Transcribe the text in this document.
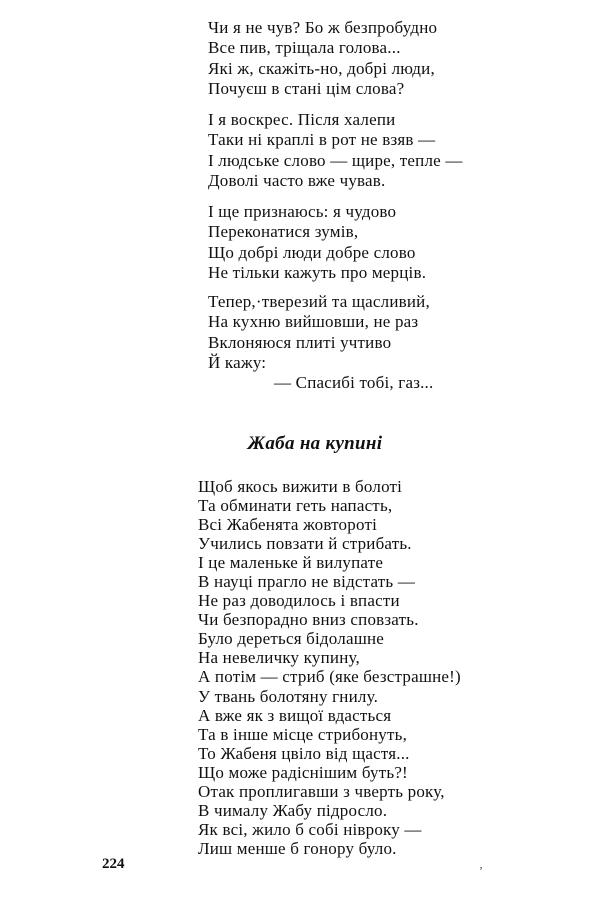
Чи я не чув? Бо ж безпробудно
Все пив, тріщала голова...
Які ж, скажіть-но, добрі люди,
Почуєш в стані цім слова?
І я воскрес. Після халепи
Таки ні краплі в рот не взяв —
І людське слово — щире, тепле —
Доволі часто вже чував.
І ще признаюсь: я чудово
Переконатися зумів,
Що добрі люди добре слово
Не тільки кажуть про мерців.
Тепер,·тверезий та щасливий,
На кухню вийшовши, не раз
Вклоняюся плиті учтиво
Й кажу:
— Спасибі тобі, газ...
Жаба на купині
Щоб якось вижити в болоті
Та обминати геть напасть,
Всі Жабенята жовтороті
Учились повзати й стрибать.
І це маленьке й вилупате
В науці прагло не відстать —
Не раз доводилось і впасти
Чи безпорадно вниз сповзать.
Було дереться бідолашне
На невеличку купину,
А потім — стриб (яке безстрашне!)
У твань болотяну гнилу.
А вже як з вищої вдасться
Та в інше місце стрибонуть,
То Жабеня цвіло від щастя...
Що може радіснішим буть?!
Отак проплигавши з чверть року,
В чималу Жабу підросло.
Як всі, жило б собі нівроку —
Лиш менше б гонору було.

224	‚
